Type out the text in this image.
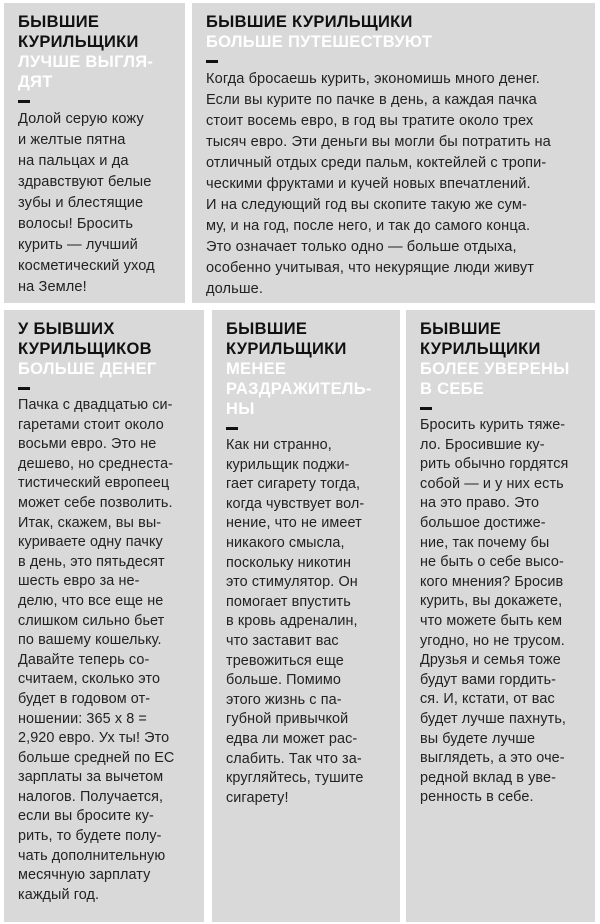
БЫВШИЕ
КУРИЛЬЩИКИ
ЛУЧШЕ ВЫГЛЯ-
ДЯТ
Долой серую кожу
и желтые пятна
на пальцах и да
здравствуют белые
зубы и блестящие
волосы! Бросить
курить — лучший
косметический уход
на Земле!
БЫВШИЕ КУРИЛЬЩИКИ
БОЛЬШЕ ПУТЕШЕСТВУЮТ
Когда бросаешь курить, экономишь много денег.
Если вы курите по пачке в день, а каждая пачка
стоит восемь евро, в год вы тратите около трех
тысяч евро. Эти деньги вы могли бы потратить на
отличный отдых среди пальм, коктейлей с тропи-
ческими фруктами и кучей новых впечатлений.
И на следующий год вы скопите такую же сум-
му, и на год, после него, и так до самого конца.
Это означает только одно — больше отдыха,
особенно учитывая, что некурящие люди живут
дольше.
У БЫВШИХ
КУРИЛЬЩИКОВ
БОЛЬШЕ ДЕНЕГ
Пачка с двадцатью си-
гаретами стоит около
восьми евро. Это не
дешево, но среднеста-
тистический европеец
может себе позволить.
Итак, скажем, вы вы-
куриваете одну пачку
в день, это пятьдесят
шесть евро за не-
делю, что все еще не
слишком сильно бьет
по вашему кошельку.
Давайте теперь со-
считаем, сколько это
будет в годовом от-
ношении: 365 х 8 =
2,920 евро. Ух ты! Это
больше средней по ЕС
зарплаты за вычетом
налогов. Получается,
если вы бросите ку-
рить, то будете полу-
чать дополнительную
месячную зарплату
каждый год.
БЫВШИЕ
КУРИЛЬЩИКИ
МЕНЕЕ
РАЗДРАЖИТЕЛЬ-
НЫ
Как ни странно,
курильщик поджи-
гает сигарету тогда,
когда чувствует вол-
нение, что не имеет
никакого смысла,
поскольку никотин
это стимулятор. Он
помогает впустить
в кровь адреналин,
что заставит вас
тревожиться еще
больше. Помимо
этого жизнь с па-
губной привычкой
едва ли может рас-
слабить. Так что за-
кругляйтесь, тушите
сигарету!
БЫВШИЕ
КУРИЛЬЩИКИ
БОЛЕЕ УВЕРЕНЫ
В СЕБЕ
Бросить курить тяже-
ло. Бросившие ку-
рить обычно гордятся
собой — и у них есть
на это право. Это
большое достиже-
ние, так почему бы
не быть о себе высо-
кого мнения? Бросив
курить, вы докажете,
что можете быть кем
угодно, но не трусом.
Друзья и семья тоже
будут вами гордить-
ся. И, кстати, от вас
будет лучше пахнуть,
вы будете лучше
выглядеть, а это оче-
редной вклад в уве-
ренность в себе.
